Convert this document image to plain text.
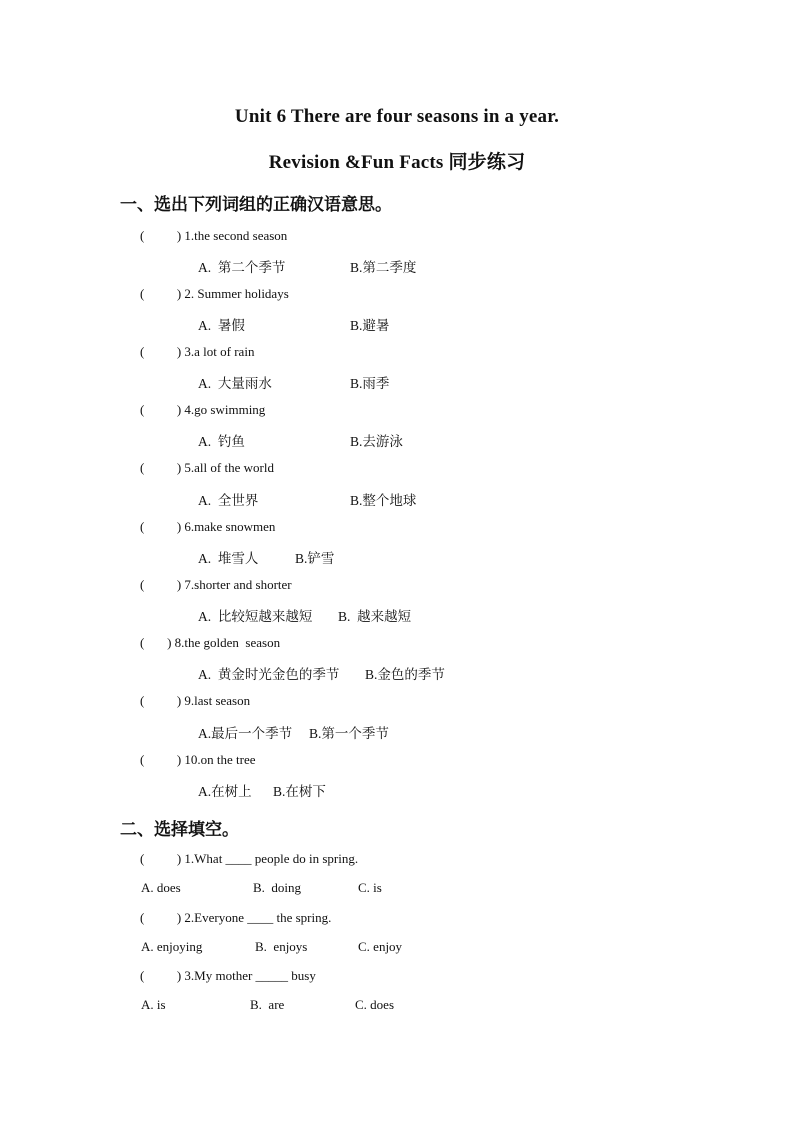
Unit 6 There are four seasons in a year.
Revision &Fun Facts 同步练习
一、选出下列词组的正确汉语意思。
(          ) 1.the second season
A.  第二个季节	B.第二季度
(          ) 2. Summer holidays
A.  暑假	B.避暑
(          ) 3.a lot of rain
A.  大量雨水	B.雨季
(          ) 4.go swimming
A.  钓鱼	B.去游泳
(          ) 5.all of the world
A.  全世界	B.整个地球
(          ) 6.make snowmen
A.  堆雪人	B.铲雪
(          ) 7.shorter and shorter
A.  比较短越来越短 B.  越来越短
(       ) 8.the golden  season
A.  黄金时光金色的季节 B.金色的季节
(          ) 9.last season
A.最后一个季节 B.第一个季节
(          ) 10.on the tree
A.在树上 B.在树下
二、选择填空。
(          ) 1.What ____ people do in spring.
A. does	B.  doing	C. is
(          ) 2.Everyone ____ the spring.
A. enjoying	B.  enjoys	C. enjoy
(          ) 3.My mother _____ busy
A. is	B.  are	C. does
